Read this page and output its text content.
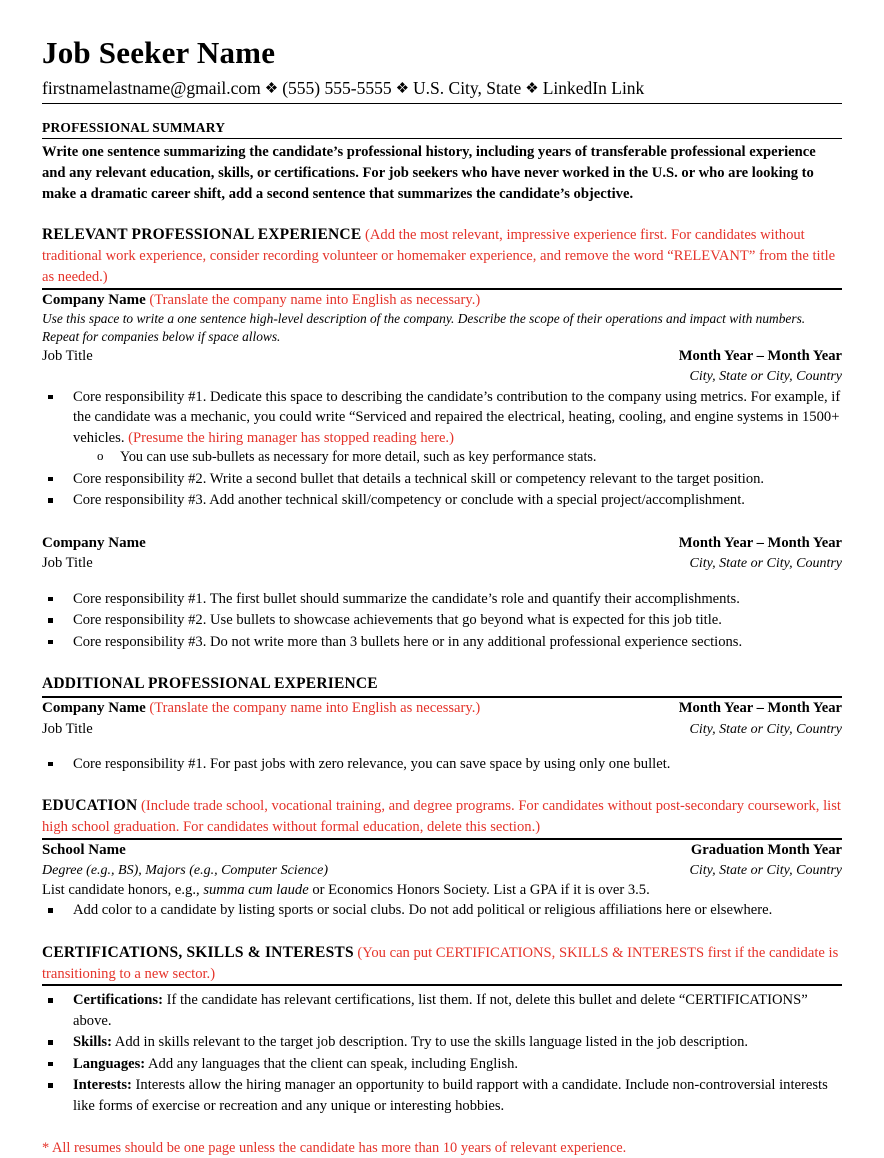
Job Seeker Name
firstnamelastname@gmail.com ❖ (555) 555-5555 ❖ U.S. City, State ❖ LinkedIn Link
PROFESSIONAL SUMMARY
Write one sentence summarizing the candidate’s professional history, including years of transferable professional experience and any relevant education, skills, or certifications. For job seekers who have never worked in the U.S. or who are looking to make a dramatic career shift, add a second sentence that summarizes the candidate’s objective.
RELEVANT PROFESSIONAL EXPERIENCE (Add the most relevant, impressive experience first. For candidates without traditional work experience, consider recording volunteer or homemaker experience, and remove the word “RELEVANT” from the title as needed.)
Company Name (Translate the company name into English as necessary.)
Use this space to write a one sentence high-level description of the company. Describe the scope of their operations and impact with numbers. Repeat for companies below if space allows.
Job Title	Month Year – Month Year

City, State or City, Country
Core responsibility #1. Dedicate this space to describing the candidate’s contribution to the company using metrics. For example, if the candidate was a mechanic, you could write “Serviced and repaired the electrical, heating, cooling, and engine systems in 1500+ vehicles. (Presume the hiring manager has stopped reading here.)
o You can use sub-bullets as necessary for more detail, such as key performance stats.
Core responsibility #2. Write a second bullet that details a technical skill or competency relevant to the target position.
Core responsibility #3. Add another technical skill/competency or conclude with a special project/accomplishment.
Company Name	Month Year – Month Year
Job Title	City, State or City, Country
Core responsibility #1. The first bullet should summarize the candidate’s role and quantify their accomplishments.
Core responsibility #2. Use bullets to showcase achievements that go beyond what is expected for this job title.
Core responsibility #3. Do not write more than 3 bullets here or in any additional professional experience sections.
ADDITIONAL PROFESSIONAL EXPERIENCE
Company Name (Translate the company name into English as necessary.)	Month Year – Month Year
Job Title	City, State or City, Country
Core responsibility #1. For past jobs with zero relevance, you can save space by using only one bullet.
EDUCATION (Include trade school, vocational training, and degree programs. For candidates without post-secondary coursework, list high school graduation. For candidates without formal education, delete this section.)
School Name	Graduation Month Year
Degree (e.g., BS), Majors (e.g., Computer Science)	City, State or City, Country
List candidate honors, e.g., summa cum laude or Economics Honors Society. List a GPA if it is over 3.5.
Add color to a candidate by listing sports or social clubs. Do not add political or religious affiliations here or elsewhere.
CERTIFICATIONS, SKILLS & INTERESTS (You can put CERTIFICATIONS, SKILLS & INTERESTS first if the candidate is transitioning to a new sector.)
Certifications: If the candidate has relevant certifications, list them. If not, delete this bullet and delete “CERTIFICATIONS” above.
Skills: Add in skills relevant to the target job description. Try to use the skills language listed in the job description.
Languages: Add any languages that the client can speak, including English.
Interests: Interests allow the hiring manager an opportunity to build rapport with a candidate. Include non-controversial interests like forms of exercise or recreation and any unique or interesting hobbies.
* All resumes should be one page unless the candidate has more than 10 years of relevant experience.
